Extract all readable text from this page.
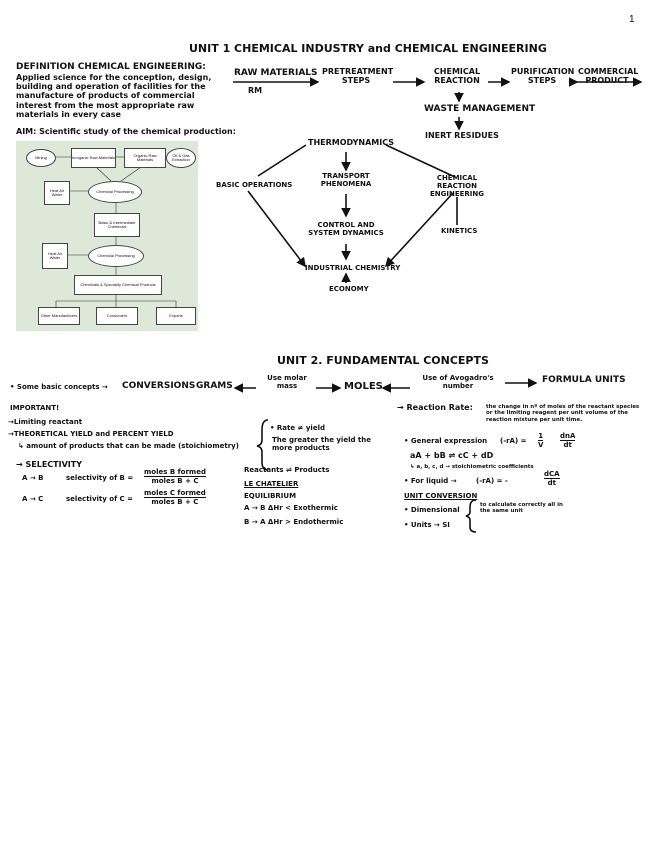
1
UNIT 1 CHEMICAL INDUSTRY and CHEMICAL ENGINEERING
DEFINITION CHEMICAL ENGINEERING:
Applied science for the conception, design, building and operation of facilities for the manufacture of products of commercial interest from the most appropriate raw materials in every case
AIM: Scientific study of the chemical production:
RAW MATERIALS
RM
PRETREATMENT STEPS
CHEMICAL REACTION
PURIFICATION STEPS
COMMERCIAL PRODUCT
WASTE MANAGEMENT
INERT RESIDUES
THERMODYNAMICS
BASIC OPERATIONS
TRANSPORT PHENOMENA
CHEMICAL REACTION ENGINEERING
CONTROL AND SYSTEM DYNAMICS	KINETICS
INDUSTRIAL CHEMISTRY
ECONOMY
Mining	Inorganic Raw Materials	Organic Raw Materials
Oil & Gas Extraction
Heat Air Water
Chemical Processing
Basic & Intermediate Chemicals
Heat Air Water	Chemical Processing
Chemicals & Speciality Chemical Products
Other Manufacturers	Consumers	Exports
UNIT 2. FUNDAMENTAL CONCEPTS
• Some basic concepts → CONVERSIONS GRAMS
Use molar mass	MOLES
Use of Avogadro's number
FORMULA UNITS
IMPORTANT!
→Limiting reactant
→THEORETICAL YIELD and PERCENT YIELD
↳ amount of products that can be made (stoichiometry)
• Rate ≠ yield
The greater the yield the more products
→ SELECTIVITY
A → B	selectivity of B =
moles B formed
moles B + C
A → C	selectivity of C =
moles C formed
moles B + C
Reactants ⇌ Products
LE CHATELIER
EQUILIBRIUM
A → B ΔHr < Exothermic
B → A ΔHr > Endothermic
→ Reaction Rate: the change in nº of moles of the reactant species or the limiting reagent per unit volume of the reaction mixture per unit time.
• General expression $(-rA) = \frac{1}{V}$ dnA
dt
aA + bB ⇌ cC + dD
↳ a, b, c, d → stoichiometric coefficients
• For liquid →	(-rA) = -
dCA
dt
UNIT CONVERSION
• Dimensional
• Units → SI
to calculate correctly all in the same unit
